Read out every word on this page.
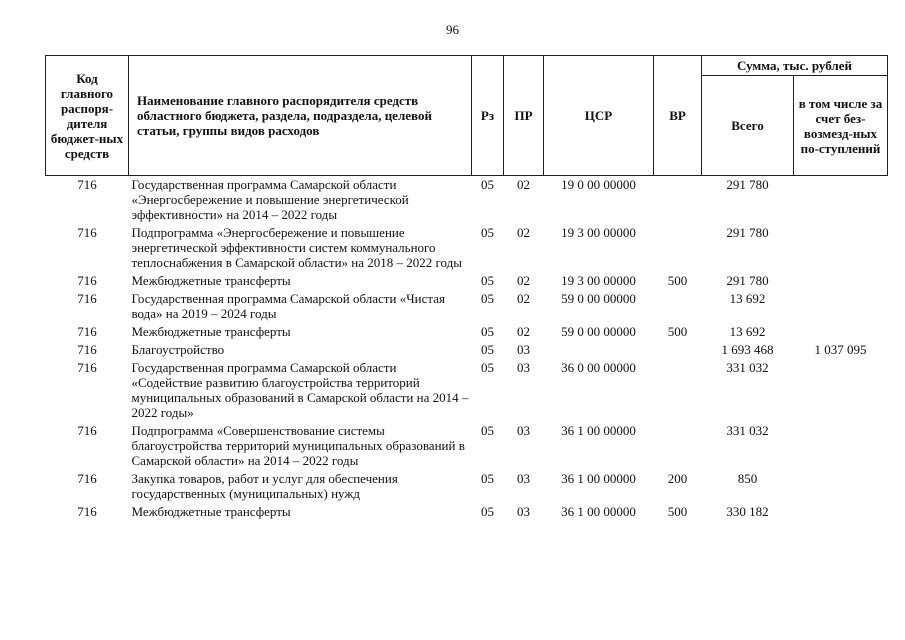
96
Код главного распоря-дителя бюджет-ных средств	Наименование главного распорядителя средств областного бюджета, раздела, подраздела, целевой статьи, группы видов расходов	Рз	ПР	ЦСР	ВР	Сумма, тыс. рублей	
						Всего	в том числе за счет без-возмезд-ных по-ступлений
716	Государственная программа Самарской области «Энергосбережение и повышение энергетической эффективности» на 2014 – 2022 годы	05	02	19 0 00 00000		291 780	
716	Подпрограмма «Энергосбережение и повышение энергетической эффективности систем коммунального теплоснабжения в Самарской области» на 2018 – 2022 годы	05	02	19 3 00 00000		291 780	
716	Межбюджетные трансферты	05	02	19 3 00 00000	500	291 780	
716	Государственная программа Самарской области «Чистая вода» на 2019 – 2024 годы	05	02	59 0 00 00000		13 692	
716	Межбюджетные трансферты	05	02	59 0 00 00000	500	13 692	
716	Благоустройство	05	03			1 693 468	1 037 095
716	Государственная программа Самарской области «Содействие развитию благоустройства территорий муниципальных образований в Самарской области на 2014 – 2022 годы»	05	03	36 0 00 00000		331 032	
716	Подпрограмма «Совершенствование системы благоустройства территорий муниципальных образований в Самарской области» на 2014 – 2022 годы	05	03	36 1 00 00000		331 032	
716	Закупка товаров, работ и услуг для обеспечения государственных (муниципальных) нужд	05	03	36 1 00 00000	200	850	
716	Межбюджетные трансферты	05	03	36 1 00 00000	500	330 182	
